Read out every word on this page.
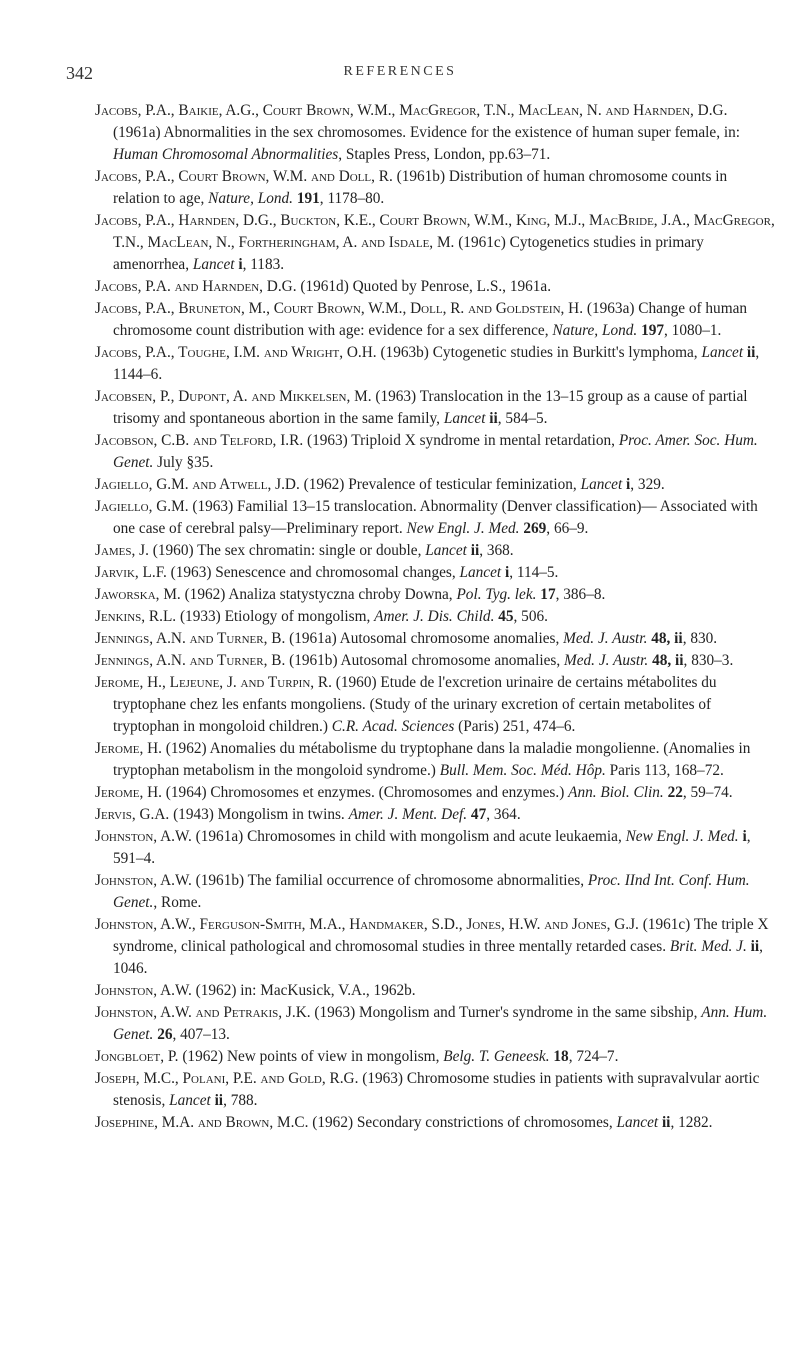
342	REFERENCES
Jacobs, P.A., Baikie, A.G., Court Brown, W.M., MacGregor, T.N., MacLean, N. and Harnden, D.G. (1961a) Abnormalities in the sex chromosomes. Evidence for the existence of human super female, in: Human Chromosomal Abnormalities, Staples Press, London, pp.63–71.
Jacobs, P.A., Court Brown, W.M. and Doll, R. (1961b) Distribution of human chromosome counts in relation to age, Nature, Lond. 191, 1178–80.
Jacobs, P.A., Harnden, D.G., Buckton, K.E., Court Brown, W.M., King, M.J., MacBride, J.A., MacGregor, T.N., MacLean, N., Fortheringham, A. and Isdale, M. (1961c) Cytogenetics studies in primary amenorrhea, Lancet i, 1183.
Jacobs, P.A. and Harnden, D.G. (1961d) Quoted by Penrose, L.S., 1961a.
Jacobs, P.A., Bruneton, M., Court Brown, W.M., Doll, R. and Goldstein, H. (1963a) Change of human chromosome count distribution with age: evidence for a sex difference, Nature, Lond. 197, 1080–1.
Jacobs, P.A., Toughe, I.M. and Wright, O.H. (1963b) Cytogenetic studies in Burkitt's lymphoma, Lancet ii, 1144–6.
Jacobsen, P., Dupont, A. and Mikkelsen, M. (1963) Translocation in the 13–15 group as a cause of partial trisomy and spontaneous abortion in the same family, Lancet ii, 584–5.
Jacobson, C.B. and Telford, I.R. (1963) Triploid X syndrome in mental retardation, Proc. Amer. Soc. Hum. Genet. July §35.
Jagiello, G.M. and Atwell, J.D. (1962) Prevalence of testicular feminization, Lancet i, 329.
Jagiello, G.M. (1963) Familial 13–15 translocation. Abnormality (Denver classification)— Associated with one case of cerebral palsy—Preliminary report. New Engl. J. Med. 269, 66–9.
James, J. (1960) The sex chromatin: single or double, Lancet ii, 368.
Jarvik, L.F. (1963) Senescence and chromosomal changes, Lancet i, 114–5.
Jaworska, M. (1962) Analiza statystyczna chroby Downa, Pol. Tyg. lek. 17, 386–8.
Jenkins, R.L. (1933) Etiology of mongolism, Amer. J. Dis. Child. 45, 506.
Jennings, A.N. and Turner, B. (1961a) Autosomal chromosome anomalies, Med. J. Austr. 48, ii, 830.
Jennings, A.N. and Turner, B. (1961b) Autosomal chromosome anomalies, Med. J. Austr. 48, ii, 830–3.
Jerome, H., Lejeune, J. and Turpin, R. (1960) Etude de l'excretion urinaire de certains métabolites du tryptophane chez les enfants mongoliens. (Study of the urinary excretion of certain metabolites of tryptophan in mongoloid children.) C.R. Acad. Sciences (Paris) 251, 474–6.
Jerome, H. (1962) Anomalies du métabolisme du tryptophane dans la maladie mongolienne. (Anomalies in tryptophan metabolism in the mongoloid syndrome.) Bull. Mem. Soc. Méd. Hôp. Paris 113, 168–72.
Jerome, H. (1964) Chromosomes et enzymes. (Chromosomes and enzymes.) Ann. Biol. Clin. 22, 59–74.
Jervis, G.A. (1943) Mongolism in twins. Amer. J. Ment. Def. 47, 364.
Johnston, A.W. (1961a) Chromosomes in child with mongolism and acute leukaemia, New Engl. J. Med. i, 591–4.
Johnston, A.W. (1961b) The familial occurrence of chromosome abnormalities, Proc. IInd Int. Conf. Hum. Genet., Rome.
Johnston, A.W., Ferguson-Smith, M.A., Handmaker, S.D., Jones, H.W. and Jones, G.J. (1961c) The triple X syndrome, clinical pathological and chromosomal studies in three mentally retarded cases. Brit. Med. J. ii, 1046.
Johnston, A.W. (1962) in: MacKusick, V.A., 1962b.
Johnston, A.W. and Petrakis, J.K. (1963) Mongolism and Turner's syndrome in the same sibship, Ann. Hum. Genet. 26, 407–13.
Jongbloet, P. (1962) New points of view in mongolism, Belg. T. Geneesk. 18, 724–7.
Joseph, M.C., Polani, P.E. and Gold, R.G. (1963) Chromosome studies in patients with supravalvular aortic stenosis, Lancet ii, 788.
Josephine, M.A. and Brown, M.C. (1962) Secondary constrictions of chromosomes, Lancet ii, 1282.
